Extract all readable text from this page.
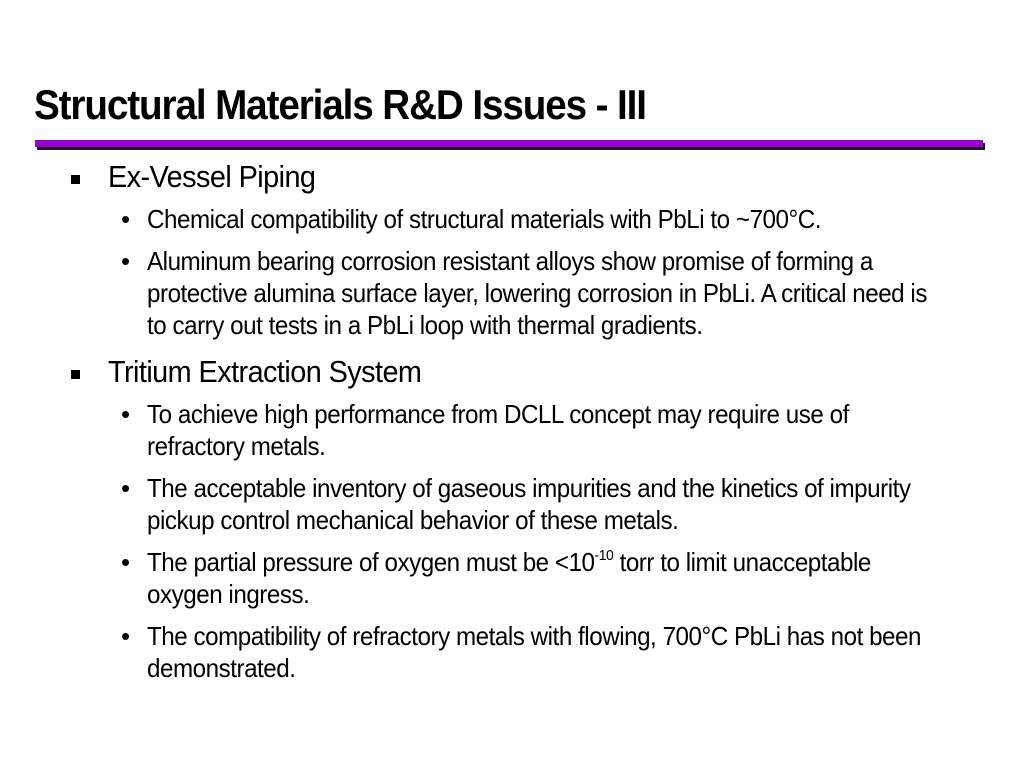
Structural Materials R&D Issues - III
Ex-Vessel Piping
• Chemical compatibility of structural materials with PbLi to ~700°C.
• Aluminum bearing corrosion resistant alloys show promise of forming a protective alumina surface layer, lowering corrosion in PbLi. A critical need is to carry out tests in a PbLi loop with thermal gradients.
Tritium Extraction System
• To achieve high performance from DCLL concept may require use of refractory metals.
• The acceptable inventory of gaseous impurities and the kinetics of impurity pickup control mechanical behavior of these metals.
• The partial pressure of oxygen must be $<10^{-10}$ torr to limit unacceptable oxygen ingress.
• The compatibility of refractory metals with flowing, 700°C PbLi has not been demonstrated.
